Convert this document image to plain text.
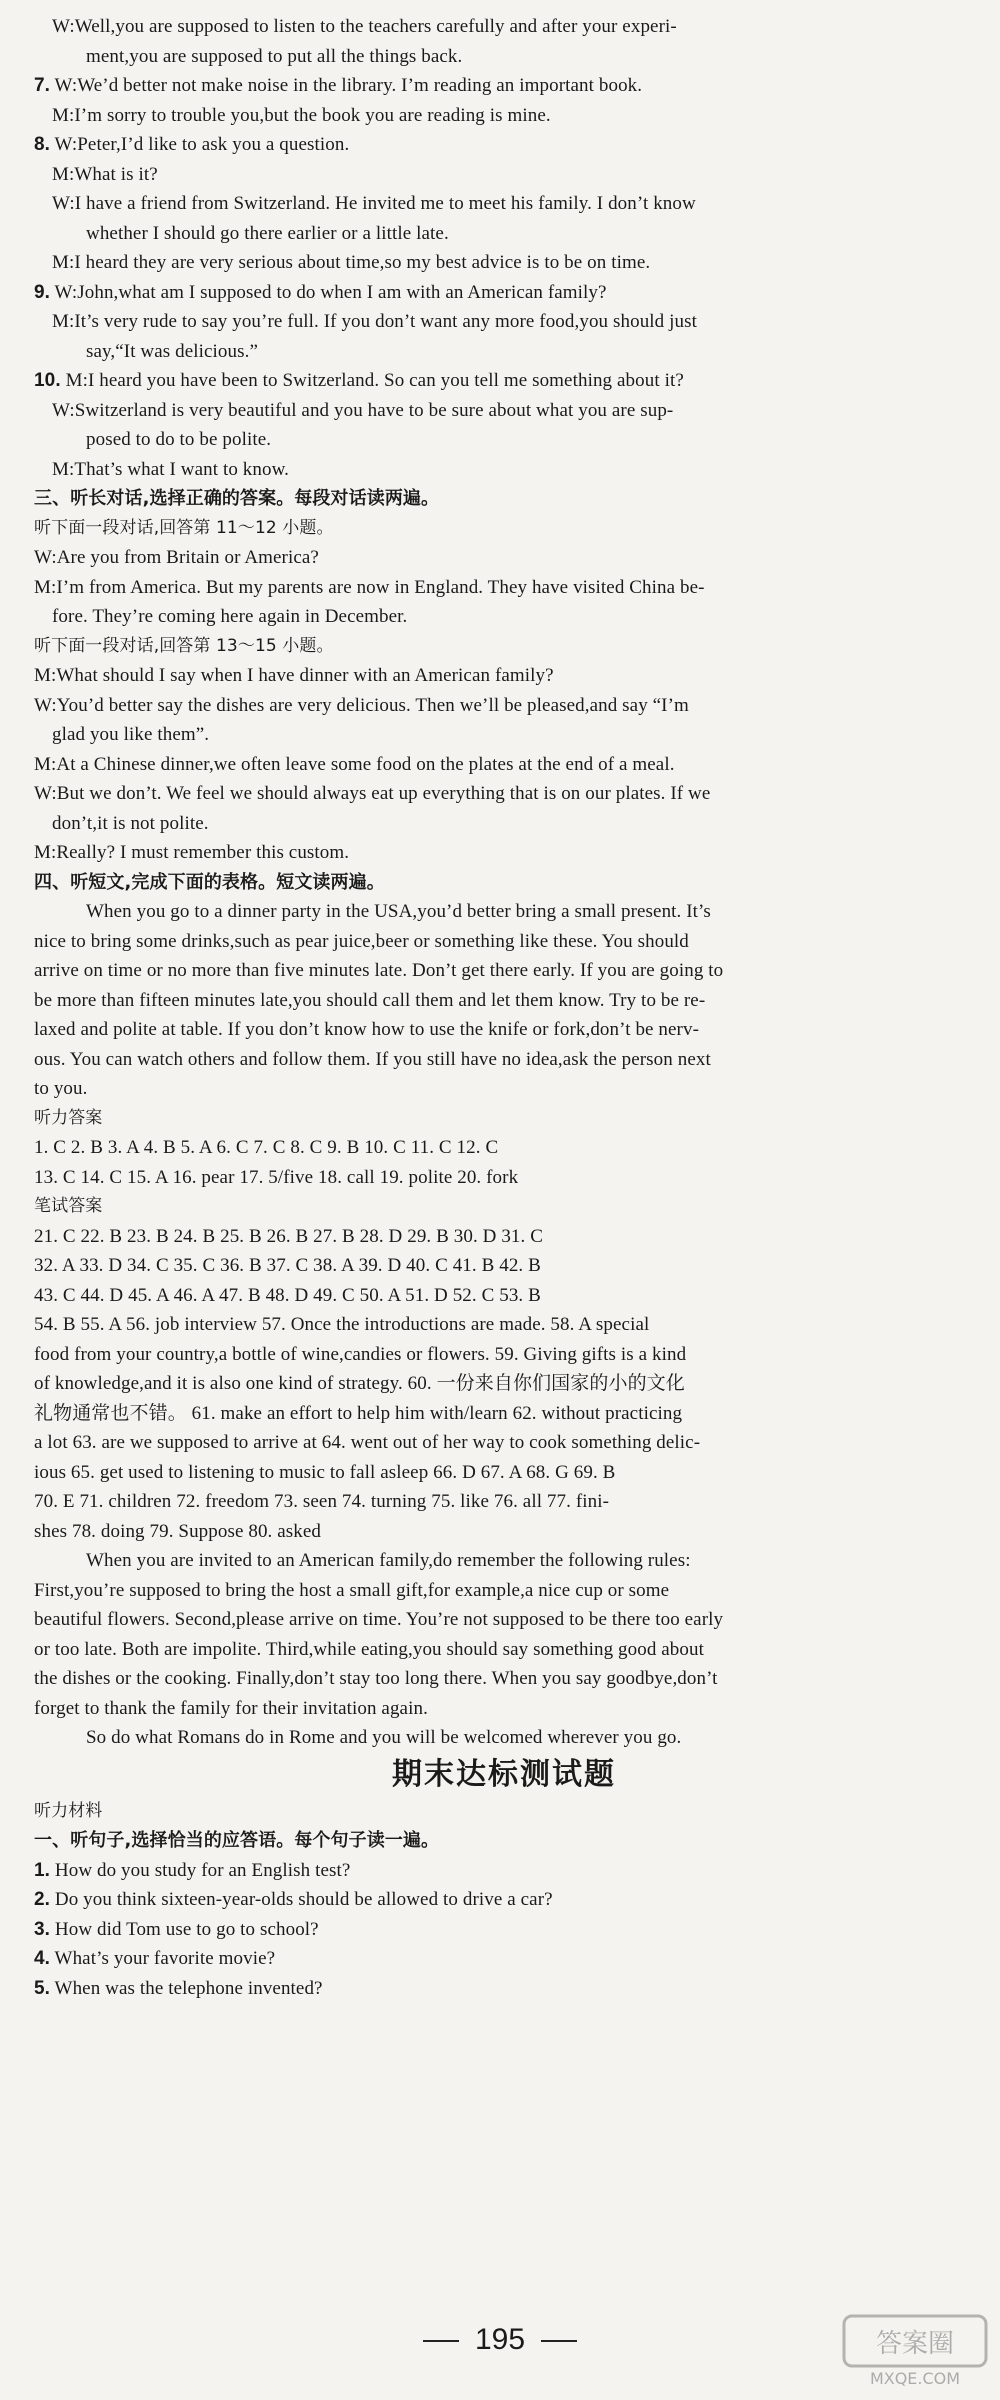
W:Well,you are supposed to listen to the teachers carefully and after your experi-
ment,you are supposed to put all the things back.
7. W:We’d better not make noise in the library. I’m reading an important book.
M:I’m sorry to trouble you,but the book you are reading is mine.
8. W:Peter,I’d like to ask you a question.
M:What is it?
W:I have a friend from Switzerland. He invited me to meet his family. I don’t know
whether I should go there earlier or a little late.
M:I heard they are very serious about time,so my best advice is to be on time.
9. W:John,what am I supposed to do when I am with an American family?
M:It’s very rude to say you’re full. If you don’t want any more food,you should just
say,“It was delicious.”
10. M:I heard you have been to Switzerland. So can you tell me something about it?
W:Switzerland is very beautiful and you have to be sure about what you are sup-
posed to do to be polite.
M:That’s what I want to know.
三、听长对话,选择正确的答案。每段对话读两遍。
听下面一段对话,回答第 11～12 小题。
W:Are you from Britain or America?
M:I’m from America. But my parents are now in England. They have visited China be-
fore. They’re coming here again in December.
听下面一段对话,回答第 13～15 小题。
M:What should I say when I have dinner with an American family?
W:You’d better say the dishes are very delicious. Then we’ll be pleased,and say “I’m
glad you like them”.
M:At a Chinese dinner,we often leave some food on the plates at the end of a meal.
W:But we don’t. We feel we should always eat up everything that is on our plates. If we
don’t,it is not polite.
M:Really? I must remember this custom.
四、听短文,完成下面的表格。短文读两遍。
When you go to a dinner party in the USA,you’d better bring a small present. It’s
nice to bring some drinks,such as pear juice,beer or something like these. You should
arrive on time or no more than five minutes late. Don’t get there early. If you are going to
be more than fifteen minutes late,you should call them and let them know. Try to be re-
laxed and polite at table. If you don’t know how to use the knife or fork,don’t be nerv-
ous. You can watch others and follow them. If you still have no idea,ask the person next
to you.
听力答案
1. C 2. B 3. A 4. B 5. A 6. C 7. C 8. C 9. B 10. C 11. C 12. C
13. C 14. C 15. A 16. pear 17. 5/five 18. call 19. polite 20. fork
笔试答案
21. C 22. B 23. B 24. B 25. B 26. B 27. B 28. D 29. B 30. D 31. C
32. A 33. D 34. C 35. C 36. B 37. C 38. A 39. D 40. C 41. B 42. B
43. C 44. D 45. A 46. A 47. B 48. D 49. C 50. A 51. D 52. C 53. B
54. B 55. A 56. job interview 57. Once the introductions are made. 58. A special
food from your country,a bottle of wine,candies or flowers. 59. Giving gifts is a kind
of knowledge,and it is also one kind of strategy. 60. 一份来自你们国家的小的文化
礼物通常也不错。 61. make an effort to help him with/learn 62. without practicing
a lot 63. are we supposed to arrive at 64. went out of her way to cook something delic-
ious 65. get used to listening to music to fall asleep 66. D 67. A 68. G 69. B
70. E 71. children 72. freedom 73. seen 74. turning 75. like 76. all 77. fini-
shes 78. doing 79. Suppose 80. asked
When you are invited to an American family,do remember the following rules:
First,you’re supposed to bring the host a small gift,for example,a nice cup or some
beautiful flowers. Second,please arrive on time. You’re not supposed to be there too early
or too late. Both are impolite. Third,while eating,you should say something good about
the dishes or the cooking. Finally,don’t stay too long there. When you say goodbye,don’t
forget to thank the family for their invitation again.
So do what Romans do in Rome and you will be welcomed wherever you go.
期末达标测试题
听力材料
一、听句子,选择恰当的应答语。每个句子读一遍。
1. How do you study for an English test?
2. Do you think sixteen-year-olds should be allowed to drive a car?
3. How did Tom use to go to school?
4. What’s your favorite movie?
5. When was the telephone invented?
195	答案圈
MXQE.COM
